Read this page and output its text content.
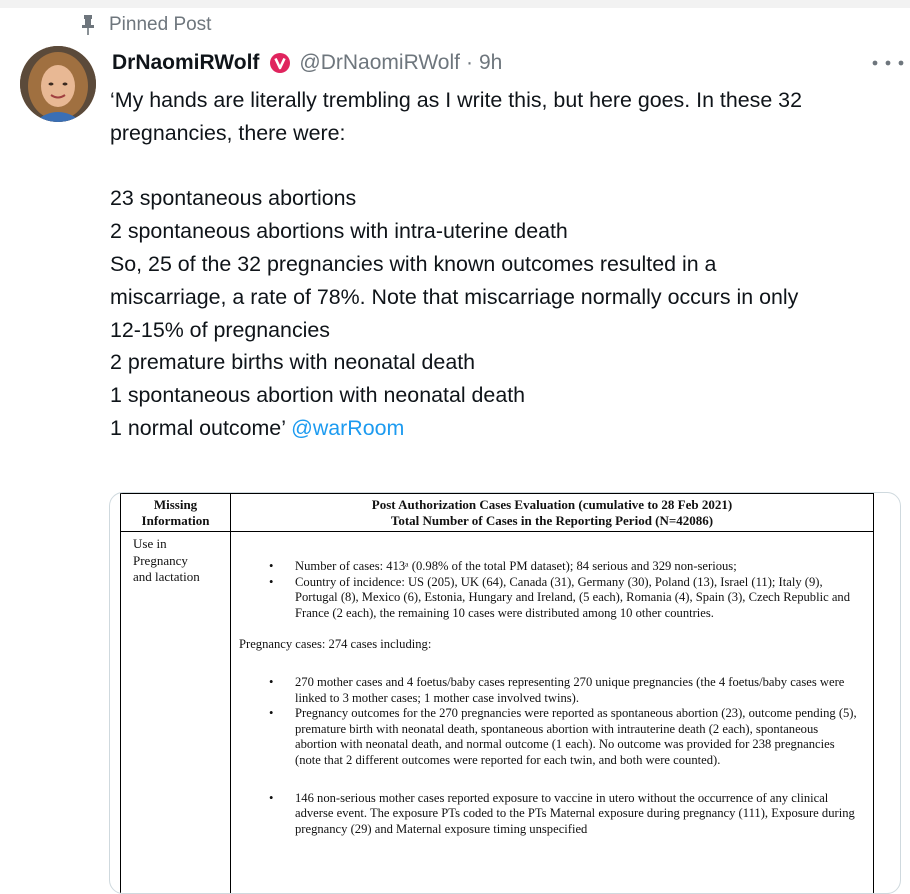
Pinned Post
DrNaomiRWolf @DrNaomiRWolf · 9h
‘My hands are literally trembling as I write this, but here goes. In these 32
pregnancies, there were:
23 spontaneous abortions
2 spontaneous abortions with intra-uterine death
So, 25 of the 32 pregnancies with known outcomes resulted in a
miscarriage, a rate of 78%. Note that miscarriage normally occurs in only
12-15% of pregnancies
2 premature births with neonatal death
1 spontaneous abortion with neonatal death
1 normal outcome’ @warRoom
Missing
Information
Post Authorization Cases Evaluation (cumulative to 28 Feb 2021)
Total Number of Cases in the Reporting Period (N=42086)
Use in
Pregnancy
and lactation
• Number of cases: 413ᵃ (0.98% of the total PM dataset); 84 serious and 329 non-serious;
• Country of incidence: US (205), UK (64), Canada (31), Germany (30), Poland (13), Israel (11); Italy (9), Portugal (8), Mexico (6), Estonia, Hungary and Ireland, (5 each), Romania (4), Spain (3), Czech Republic and France (2 each), the remaining 10 cases were distributed among 10 other countries.

Pregnancy cases: 274 cases including:

• 270 mother cases and 4 foetus/baby cases representing 270 unique pregnancies (the 4 foetus/baby cases were linked to 3 mother cases; 1 mother case involved twins).
• Pregnancy outcomes for the 270 pregnancies were reported as spontaneous abortion (23), outcome pending (5), premature birth with neonatal death, spontaneous abortion with intrauterine death (2 each), spontaneous abortion with neonatal death, and normal outcome (1 each). No outcome was provided for 238 pregnancies (note that 2 different outcomes were reported for each twin, and both were counted).
• 146 non-serious mother cases reported exposure to vaccine in utero without the occurrence of any clinical adverse event. The exposure PTs coded to the PTs Maternal exposure during pregnancy (111), Exposure during pregnancy (29) and Maternal exposure timing unspecified
